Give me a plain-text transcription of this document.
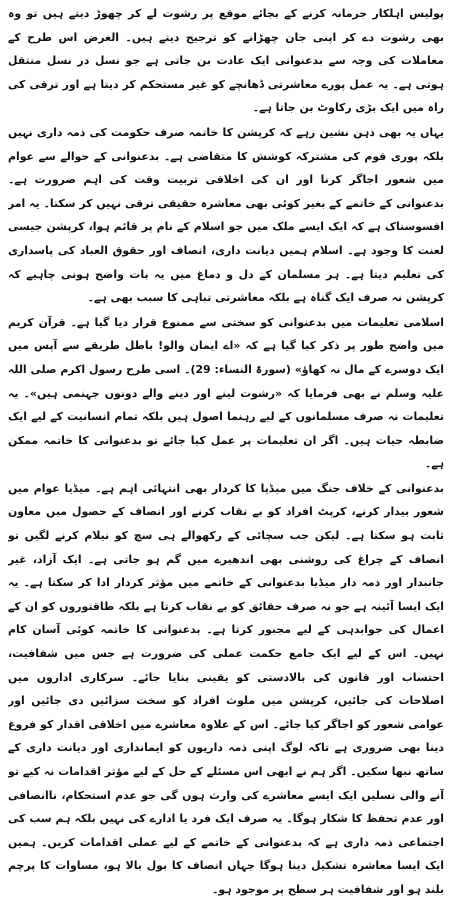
پولیس اہلکار جرمانہ کرنے کے بجائے موقع پر رشوت لے کر چھوڑ دیتے ہیں تو وہ بھی رشوت دے کر اپنی جان چھڑانے کو ترجیح دیتے ہیں۔ الغرض اس طرح کے معاملات کی وجہ سے بدعنوانی ایک عادت بن جاتی ہے جو نسل در نسل منتقل ہوتی ہے۔ یہ عمل پورے معاشرتی ڈھانچے کو غیر مستحکم کر دیتا ہے اور ترقی کی راہ میں ایک بڑی رکاوٹ بن جاتا ہے۔

یہاں یہ بھی ذہن نشین رہے کہ کرپشن کا خاتمہ صرف حکومت کی ذمہ داری نہیں بلکہ پوری قوم کی مشترکہ کوشش کا متقاضی ہے۔ بدعنوانی کے حوالے سے عوام میں شعور اجاگر کرنا اور ان کی اخلاقی تربیت وقت کی اہم ضرورت ہے۔ بدعنوانی کے خاتمے کے بغیر کوئی بھی معاشرہ حقیقی ترقی نہیں کر سکتا۔ یہ امر افسوسناک ہے کہ ایک ایسے ملک میں جو اسلام کے نام پر قائم ہوا، کرپشن جیسی لعنت کا وجود ہے۔ اسلام ہمیں دیانت داری، انصاف اور حقوق العباد کی پاسداری کی تعلیم دیتا ہے۔ ہر مسلمان کے دل و دماغ میں یہ بات واضح ہونی چاہیے کہ کرپشن نہ صرف ایک گناہ ہے بلکہ معاشرتی تباہی کا سبب بھی ہے۔

اسلامی تعلیمات میں بدعنوانی کو سختی سے ممنوع قرار دیا گیا ہے۔ قرآن کریم میں واضح طور پر ذکر کیا گیا ہے کہ «اے ایمان والو! باطل طریقے سے آپس میں ایک دوسرے کے مال نہ کھاؤ» (سورۃ النساء: 29)۔ اسی طرح رسول اکرم صلی اللہ علیہ وسلم نے بھی فرمایا کہ «رشوت لینے اور دینے والے دونوں جہنمی ہیں»۔ یہ تعلیمات نہ صرف مسلمانوں کے لیے رہنما اصول ہیں بلکہ تمام انسانیت کے لیے ایک ضابطہ حیات ہیں۔ اگر ان تعلیمات پر عمل کیا جائے تو بدعنوانی کا خاتمہ ممکن ہے۔

بدعنوانی کے خلاف جنگ میں میڈیا کا کردار بھی انتہائی اہم ہے۔ میڈیا عوام میں شعور بیدار کرنے، کرپٹ افراد کو بے نقاب کرنے اور انصاف کے حصول میں معاون ثابت ہو سکتا ہے۔ لیکن جب سچائی کے رکھوالے ہی سچ کو نیلام کرنے لگیں تو انصاف کے چراغ کی روشنی بھی اندھیرے میں گم ہو جاتی ہے۔ ایک آزاد، غیر جانبدار اور ذمہ دار میڈیا بدعنوانی کے خاتمے میں مؤثر کردار ادا کر سکتا ہے۔ یہ ایک ایسا آئینہ ہے جو نہ صرف حقائق کو بے نقاب کرتا ہے بلکہ طاقتوروں کو ان کے اعمال کی جوابدہی کے لیے مجبور کرتا ہے۔ بدعنوانی کا خاتمہ کوئی آسان کام نہیں۔ اس کے لیے ایک جامع حکمت عملی کی ضرورت ہے جس میں شفافیت، احتساب اور قانون کی بالادستی کو یقینی بنایا جائے۔ سرکاری اداروں میں اصلاحات کی جائیں، کرپشن میں ملوث افراد کو سخت سزائیں دی جائیں اور عوامی شعور کو اجاگر کیا جائے۔ اس کے علاوہ معاشرے میں اخلاقی اقدار کو فروغ دینا بھی ضروری ہے تاکہ لوگ اپنی ذمہ داریوں کو ایمانداری اور دیانت داری کے ساتھ نبھا سکیں۔ اگر ہم نے ابھی اس مسئلے کے حل کے لیے مؤثر اقدامات نہ کیے تو آنے والی نسلیں ایک ایسے معاشرے کی وارث ہوں گی جو عدم استحکام، ناانصافی اور عدم تحفظ کا شکار ہوگا۔ یہ صرف ایک فرد یا ادارے کی نہیں بلکہ ہم سب کی اجتماعی ذمہ داری ہے کہ بدعنوانی کے خاتمے کے لیے عملی اقدامات کریں۔ ہمیں ایک ایسا معاشرہ تشکیل دینا ہوگا جہاں انصاف کا بول بالا ہو، مساوات کا پرچم بلند ہو اور شفافیت ہر سطح پر موجود ہو۔
